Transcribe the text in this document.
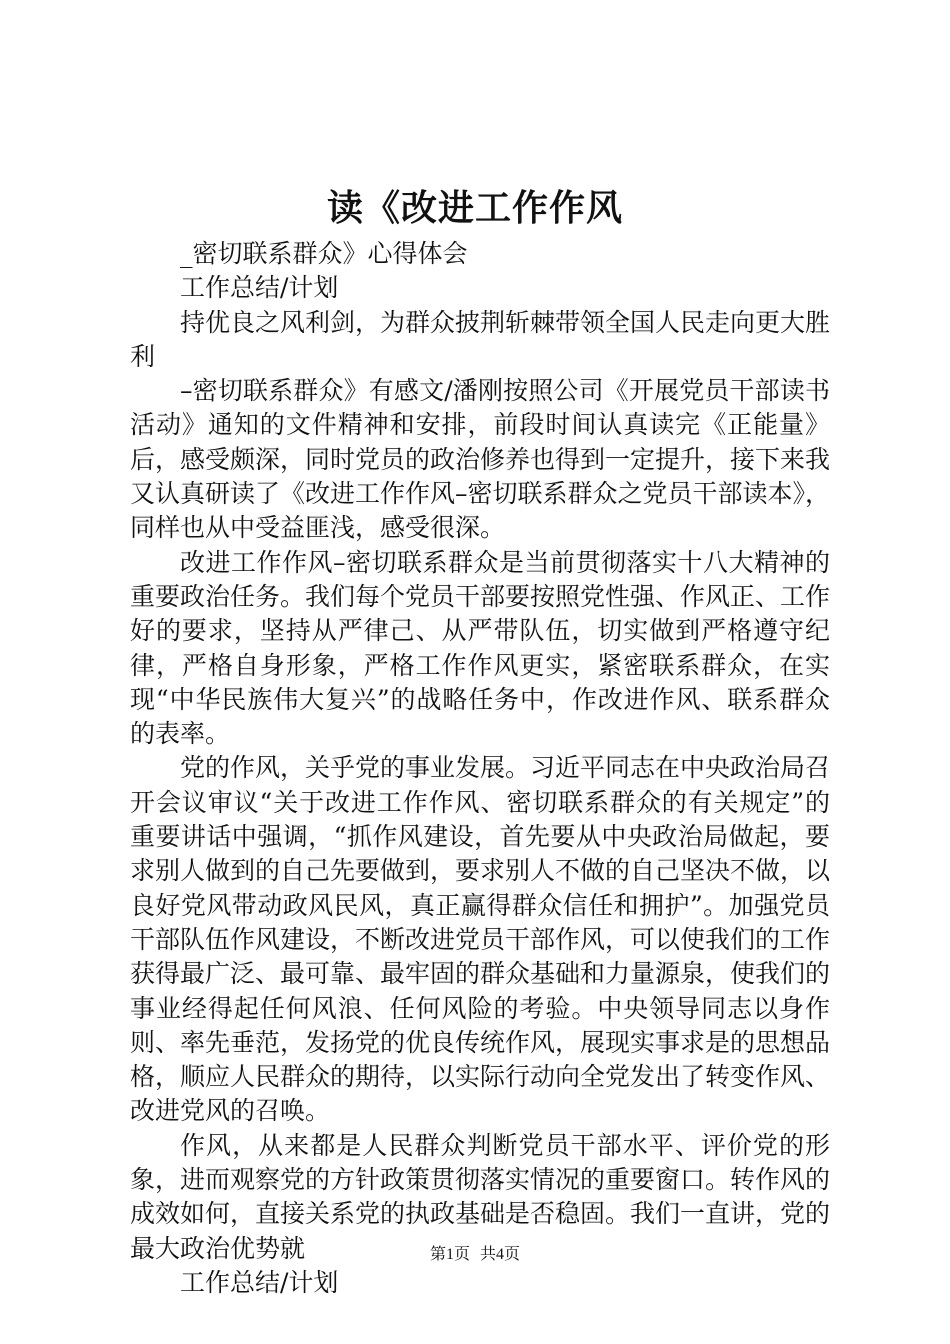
读《改进工作作风

_密切联系群众》心得体会

工作总结/计划

持优良之风利剑，为群众披荆斩棘带领全国人民走向更大胜利

–密切联系群众》有感文/潘刚按照公司《开展党员干部读书活动》通知的文件精神和安排，前段时间认真读完《正能量》后，感受颇深，同时党员的政治修养也得到一定提升，接下来我又认真研读了《改进工作作风–密切联系群众之党员干部读本》，同样也从中受益匪浅，感受很深。

改进工作作风–密切联系群众是当前贯彻落实十八大精神的重要政治任务。我们每个党员干部要按照党性强、作风正、工作好的要求，坚持从严律己、从严带队伍，切实做到严格遵守纪律，严格自身形象，严格工作作风更实，紧密联系群众，在实现“中华民族伟大复兴”的战略任务中，作改进作风、联系群众的表率。

党的作风，关乎党的事业发展。习近平同志在中央政治局召开会议审议“关于改进工作作风、密切联系群众的有关规定”的重要讲话中强调，“抓作风建设，首先要从中央政治局做起，要求别人做到的自己先要做到，要求别人不做的自己坚决不做，以良好党风带动政风民风，真正赢得群众信任和拥护”。加强党员干部队伍作风建设，不断改进党员干部作风，可以使我们的工作获得最广泛、最可靠、最牢固的群众基础和力量源泉，使我们的事业经得起任何风浪、任何风险的考验。中央领导同志以身作则、率先垂范，发扬党的优良传统作风，展现实事求是的思想品格，顺应人民群众的期待，以实际行动向全党发出了转变作风、改进党风的召唤。

作风，从来都是人民群众判断党员干部水平、评价党的形象，进而观察党的方针政策贯彻落实情况的重要窗口。转作风的成效如何，直接关系党的执政基础是否稳固。我们一直讲，党的最大政治优势就

工作总结/计划

第1页 共4页
